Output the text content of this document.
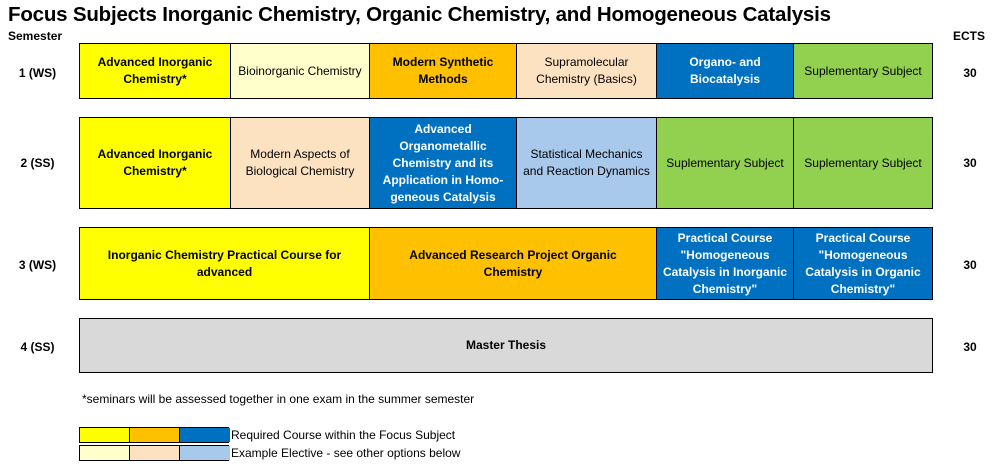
Focus Subjects Inorganic Chemistry, Organic Chemistry, and Homogeneous Catalysis
Semester	ECTS
1 (WS)
Advanced Inorganic Chemistry*
Bioinorganic Chemistry
Modern Synthetic Methods
Supramolecular Chemistry (Basics)
Organo- and Biocatalysis
Suplementary Subject	30
2 (SS)
Advanced Inorganic Chemistry*
Modern Aspects of Biological Chemistry
Advanced Organometallic Chemistry and its Application in Homo-geneous Catalysis
Statistical Mechanics and Reaction Dynamics
Suplementary Subject	Suplementary Subject	30
3 (WS)
Inorganic Chemistry Practical Course for advanced
Advanced Research Project Organic Chemistry
Practical Course "Homogeneous Catalysis in Inorganic Chemistry"
Practical Course "Homogeneous Catalysis in Organic Chemistry"
30
4 (SS)	Master Thesis	30
*seminars will be assessed together in one exam in the summer semester
Required Course within the Focus Subject
Example Elective - see other options below
